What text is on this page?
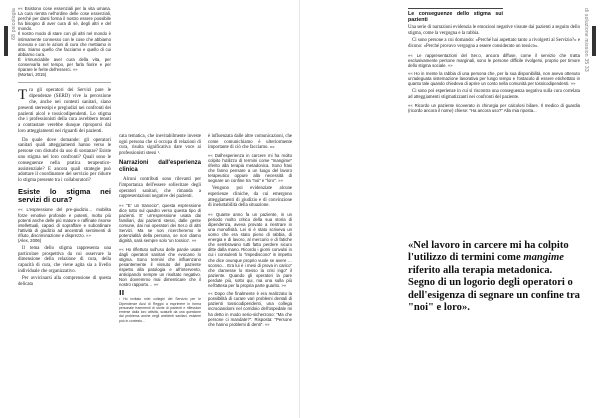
68 psicologia «« Esistono cose essenziali per la vita umana. La cura rientra nell'ordine delle cose essenziali, perché per darsi forma il nostro essere possibile ha bisogno di aver cura di sé, degli altri e del mondo.
Il nostro modo di stare con gli altri nel mondo è intimamente connesso con le cose che abbiamo ricevuto e con le azioni di cura che mettiamo in atto. Siamo quello che facciamo e quello di cui abbiamo cura.
È irrinunciabile aver cura della vita, per conservarla nel tempo, per farla fiorire e per riparare le ferite dell'esserci. »»
(Mortari, 2015)
Tra gli operatori dei Servizi pare le dipendenze (SERD) vive la percezione che, anche nei contesti sanitari, siano presenti stereotipi e pregiudizi nei confronti dei pazienti alcol e tossicodipendenti. Lo stigma che i professionisti della cura avrebbero tenuti a contrastare verebbe dunque riproporsi dal loro atteggiamenti nei riguardi dei pazienti.

Da quale dove domande: gli operatori sanitari quali atteggiamenti hanno verso le persone con disturbi da uso di sostanze? Esiste uno stigma nel loro confronti? Quali sono le conseguenze nella pratica terapeutico-assistenziale? E ancora quali strategie può adottare il coordinatore del servizio per ridurre lo stigma presente tra i collaboratori?

Esiste lo stigma nei servizi di cura?
«« L'espressione del pre-giudizio… mobilita forze emotive profonde e potenti, molto più potenti anche delle più mature e raffinate risorse intellettuali, capaci di sopraffare e subordinare l'attività di giudizio ad ancestrali sentimenti di rifiuto, discriminazione e disprezzo. »»
(Alex, 2006)

Il tema dello stigma rappresenta una particolare prospettiva da cui osservare la dimensione della relazione di cura, della capacità di cura, che viene agita sia a livello individuale che organizzativo.

Per avvicinarsi alla comprensione di questa delicata

cata tematica, che inevitabilmente investe ogni persona che si occupa di relazioni di cura, risulta significativa dare voce ai professionisti stessi ¹.

Narrazioni dall'esperienza clinica

Alcuni contributi sono rilevanti per l'importanza dell'essere sollecitare degli operatori sanitari, che rimanda a rappresentazioni negative dei pazienti.

«« "E' un tranocio", questa espressione dice tutto sul quadro verso questa tipo di pazienti. E' un'espressione usata dai familiari, dai pazienti stessi, dalle gente comune, dai noi operatori dei Ser.o di altri Servizi. Ma se non ricercheremo le potenzialità della persona, se non diamo dignità, sarà sempre solo 'un tossico'. »»
«« Ho riflettuto sull'uso delle parole usate dagli operatori sanitari che evocano lo stigma. Sono termini che influenzano pesantemente il vissuto del paziente rispetto alla patologia e all'intervento, anticipando sempre un risultato negativo. Non dovremmo mai dimenticare che il nostro rapporto… »»
II
¹ Ho invitato miei colleghi del Servizio per le Dipendenze Ausl di Reggio a esprimere in forma personale frammenti di storie di pazienti e riflessioni emerse dalla loro attività, scaturiti da una questione dal problema anche negli ambienti sanitari, esistere può in contesto...

è influenzata dalle altre comunicazioni, che come comunichiamo è ulteriormente importante di ciò che facciamo. »»

«« Dall'esperienza in carcere mi ha molto colpito l'utilizzo di termini come "mangime" riferito alla terapia metadonica. Sono frasi che fanno pensare a un luogo del lavoro terapeutico oppure alla necessità di segnare un confine tra "noi" e "loro". »»

Vengono poi evidenziate alcune esperienze cliniche, da cui emergono atteggiamenti di giudizio e di convinzione di ineluttabilità della situazione.

«« Quante anno fa un paziente, in un periodo molto critico della sua storia di dipendenza, aveva provato a rientrare in una monofisità. Lei si è stato scriveva un uomo che era stato pieno di rabbia, di energia e di lavoro, al mercurio e di fatiche che sembravano tutti fatto perdere sicuro ditte dalla mano. Ricordo i giorni convulsi in cui i consulenti lo "impediscono" in impetto che dice ovunque proprio vuole se avere … sconso… Era lui è i mesi di prova in carico" che clamesse lo stesso la crisi ingo" il paziente. Quando gli operatori la pare perdute più, sotto qui, ma una sulla più nell'attesa per la propria parte guarito. »»
«« Dopo che finalmente è era realizzato la possibilità di curare vari problemi dentali di pazienti tossicodipendenti, una collega incrociandomi nel corridoio dell'ospedale mi ha detto in modo serio-sicherzoso: "Ma che persone ci mandate?". Risposta: "Persone che hanno problemi di denti". »»
di soluzione mission 35 33
Le conseguenze dello stigma sui pazienti

Una serie di narrazioni evidenzia le emozioni negative vissute dai pazienti a seguito dello stigma, come la vergogna e la rabbia.

Ci sono persone a cui domando: «Perché hai aspettato tanto a rivolgerti al Servizio?» e dicono: «Perché provavo vergogna a essere considerato un tossico».

«« Le rappresentazioni del Ser.o, ancora diffuse, come il servizio che tratta esclusivamente persone marginali, sono le persone difficile rivolgersi, proprio per timore dello stigma sociale. »»
«« Ho in mente la rabbia di una persona che, per la sua disponibilità, non aveva ottenuto un'adeguata sistemazione lavorativa per lungo tempo e l'ostacolo di essere etichettato in quanto tale quando chiedeva di aprire un conto nella comunità per tossicodipendenti. »»

Ci sono poi esperienze in cui si riscontra una conseguenza negativa sulla cura correlata ad atteggiamenti stigmatizzanti nei confronti del paziente.

«« Ricordo un paziente ricoverato in chirurgia per calcolosi biliare. Il medico di guardia (ricordo ancora il nome) chiese: "Ha ancora uso?" Alla mia riposta...
«Nel lavoro in carcere mi ha colpito l'utilizzo di termini come mangime riferito alla terapia metadonica. Segno di un logorio degli operatori o dell'esigenza di segnare un confine tra "noi" e loro».
